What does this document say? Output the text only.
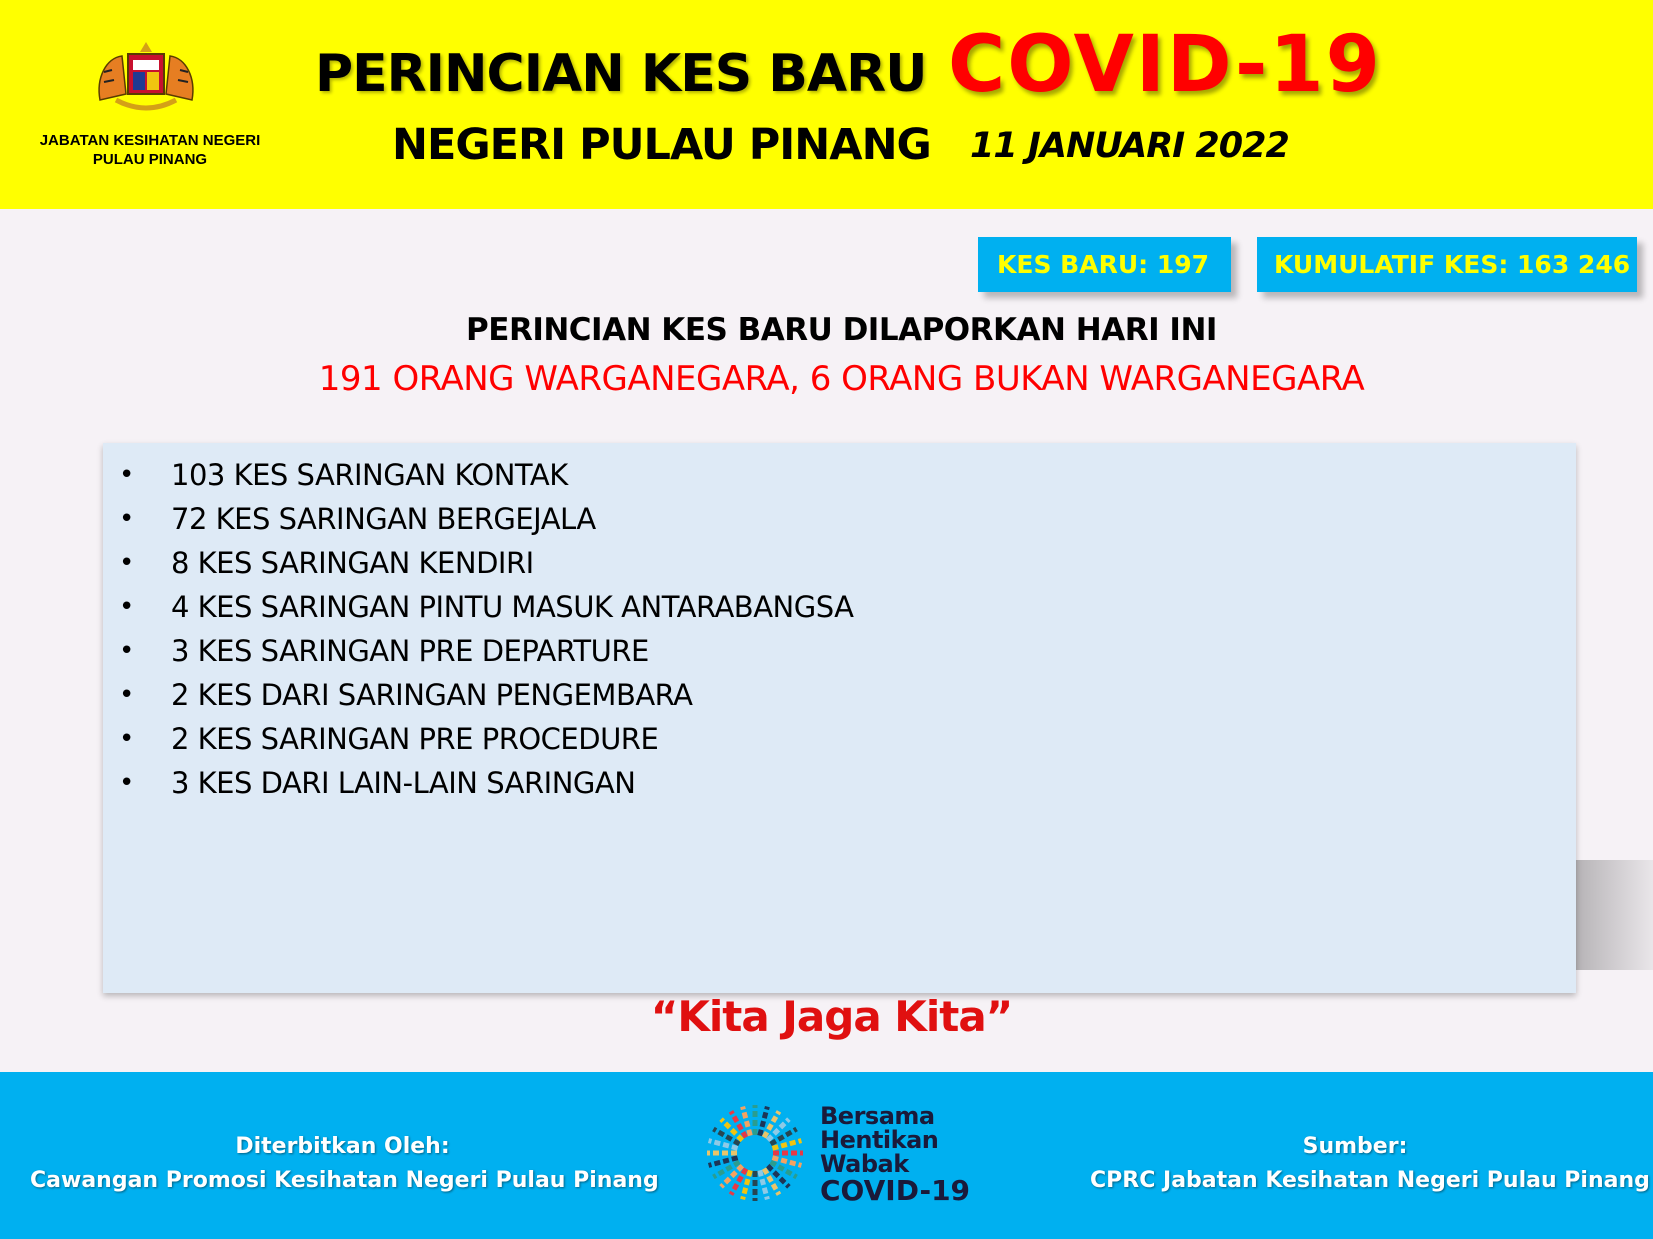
JABATAN KESIHATAN NEGERI PULAU PINANG
PERINCIAN KES BARU COVID-19
NEGERI PULAU PINANG 11 JANUARI 2022
KES BARU: 197	KUMULATIF KES: 163 246
PERINCIAN KES BARU DILAPORKAN HARI INI
191 ORANG WARGANEGARA, 6 ORANG BUKAN WARGANEGARA
• 103 KES SARINGAN KONTAK
• 72 KES SARINGAN BERGEJALA
• 8 KES SARINGAN KENDIRI
• 4 KES SARINGAN PINTU MASUK ANTARABANGSA
• 3 KES SARINGAN PRE DEPARTURE
• 2 KES DARI SARINGAN PENGEMBARA
• 2 KES SARINGAN PRE PROCEDURE
• 3 KES DARI LAIN-LAIN SARINGAN
“Kita Jaga Kita”
Diterbitkan Oleh:
Cawangan Promosi Kesihatan Negeri Pulau Pinang
Sumber:
CPRC Jabatan Kesihatan Negeri Pulau Pinang
Bersama
Hentikan
Wabak
COVID-19
